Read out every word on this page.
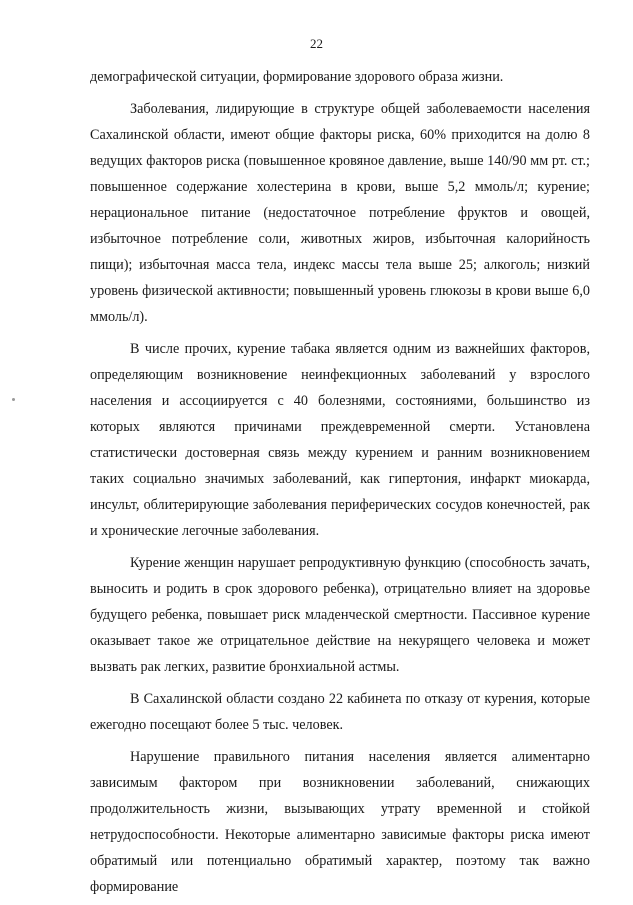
22

демографической ситуации, формирование здорового образа жизни.

Заболевания, лидирующие в структуре общей заболеваемости населения Сахалинской области, имеют общие факторы риска, 60% приходится на долю 8 ведущих факторов риска (повышенное кровяное давление, выше 140/90 мм рт. ст.; повышенное содержание холестерина в крови, выше 5,2 ммоль/л; курение; нерациональное питание (недостаточное потребление фруктов и овощей, избыточное потребление соли, животных жиров, избыточная калорийность пищи); избыточная масса тела, индекс массы тела выше 25; алкоголь; низкий уровень физической активности; повышенный уровень глюкозы в крови выше 6,0 ммоль/л).

В числе прочих, курение табака является одним из важнейших факторов, определяющим возникновение неинфекционных заболеваний у взрослого населения и ассоциируется с 40 болезнями, состояниями, большинство из которых являются причинами преждевременной смерти. Установлена статистически достоверная связь между курением и ранним возникновением таких социально значимых заболеваний, как гипертония, инфаркт миокарда, инсульт, облитерирующие заболевания периферических сосудов конечностей, рак и хронические легочные заболевания.

Курение женщин нарушает репродуктивную функцию (способность зачать, выносить и родить в срок здорового ребенка), отрицательно влияет на здоровье будущего ребенка, повышает риск младенческой смертности. Пассивное курение оказывает такое же отрицательное действие на некурящего человека и может вызвать рак легких, развитие бронхиальной астмы.

В Сахалинской области создано 22 кабинета по отказу от курения, которые ежегодно посещают более 5 тыс. человек.

Нарушение правильного питания населения является алиментарно зависимым фактором при возникновении заболеваний, снижающих продолжительность жизни, вызывающих утрату временной и стойкой нетрудоспособности. Некоторые алиментарно зависимые факторы риска имеют обратимый или потенциально обратимый характер, поэтому так важно формирование
